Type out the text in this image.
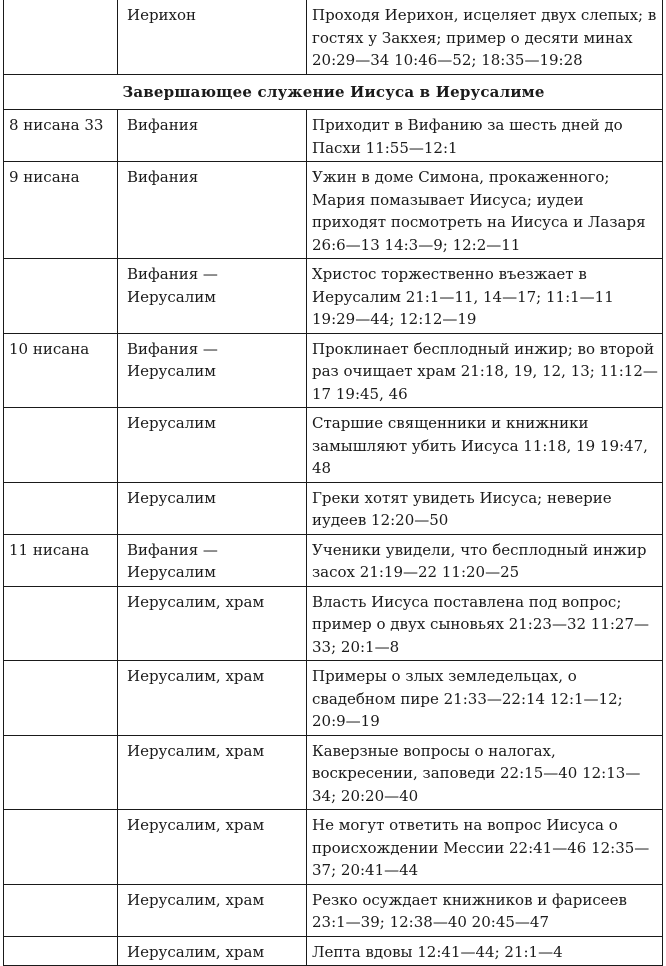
	Иерихон	Проходя Иерихон, исцеляет двух слепых; в гостях у Закхея; пример о десяти минах 20:29—34 10:46—52; 18:35—19:28

Завершающее служение Иисуса в Иерусалиме		

8 нисана 33	Вифания	Приходит в Вифанию за шесть дней до Пасхи 11:55—12:1

9 нисана	Вифания	Ужин в доме Симона, прокаженного; Мария помазывает Иисуса; иудеи приходят посмотреть на Иисуса и Лазаря 26:6—13 14:3—9; 12:2—11

	Вифания — Иерусалим	Христос торжественно въезжает в Иерусалим 21:1—11, 14—17; 11:1—11 19:29—44; 12:12—19

10 нисана	Вифания — Иерусалим	Проклинает бесплодный инжир; во второй раз очищает храм 21:18, 19, 12, 13; 11:12—17 19:45, 46

	Иерусалим	Старшие священники и книжники замышляют убить Иисуса 11:18, 19 19:47, 48

	Иерусалим	Греки хотят увидеть Иисуса; неверие иудеев 12:20—50

11 нисана	Вифания — Иерусалим	Ученики увидели, что бесплодный инжир засох 21:19—22 11:20—25

	Иерусалим, храм	Власть Иисуса поставлена под вопрос; пример о двух сыновьях 21:23—32 11:27—33; 20:1—8

	Иерусалим, храм	Примеры о злых земледельцах, о свадебном пире 21:33—22:14 12:1—12; 20:9—19

	Иерусалим, храм	Каверзные вопросы о налогах, воскресении, заповеди 22:15—40 12:13—34; 20:20—40

	Иерусалим, храм	Не могут ответить на вопрос Иисуса о происхождении Мессии 22:41—46 12:35—37; 20:41—44

	Иерусалим, храм	Резко осуждает книжников и фарисеев 23:1—39; 12:38—40 20:45—47

	Иерусалим, храм	Лепта вдовы 12:41—44; 21:1—4
